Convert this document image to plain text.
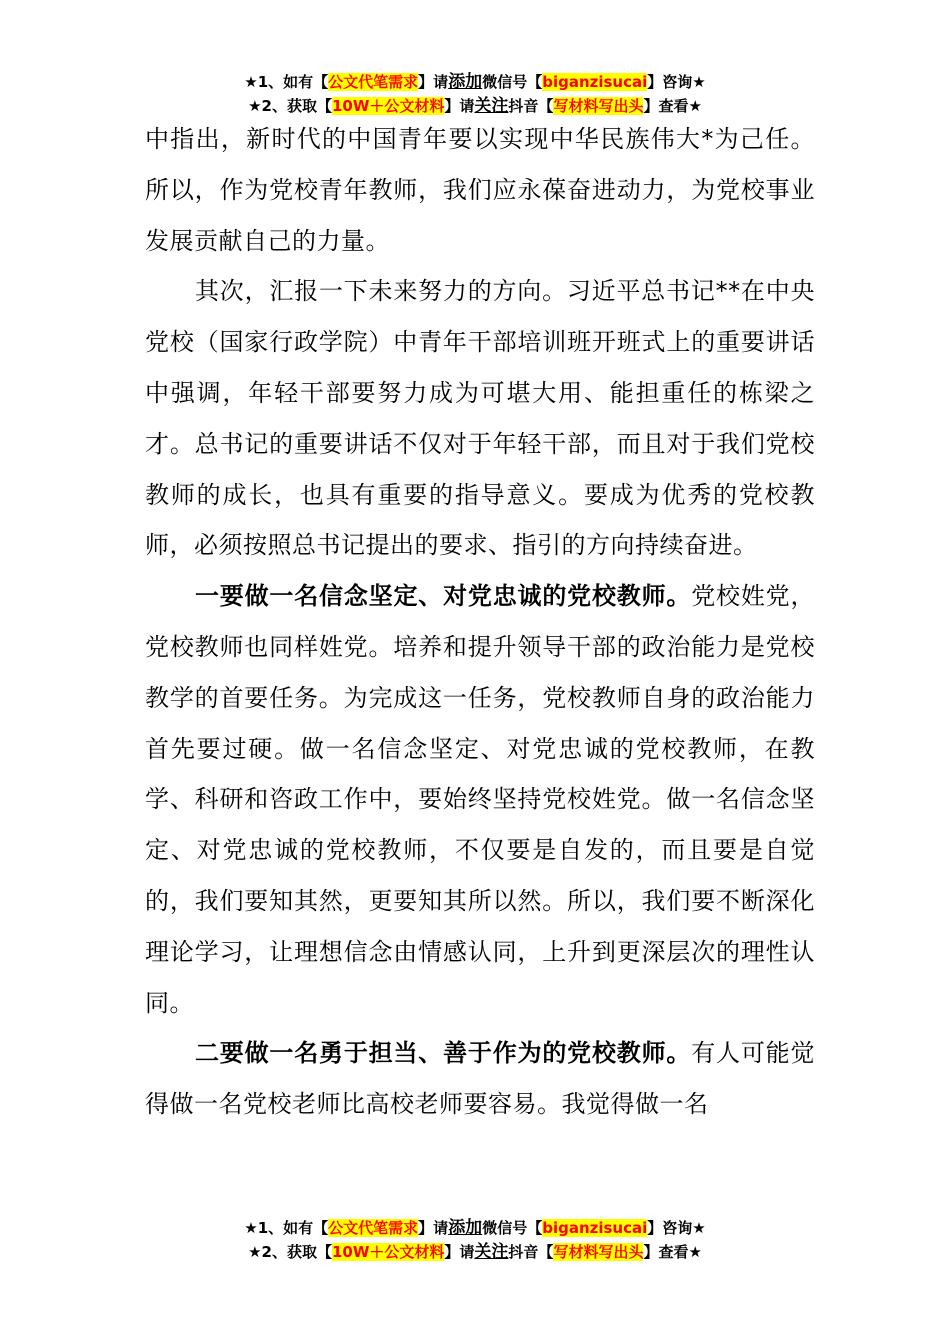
★1、如有【公文代笔需求】请添加微信号【biganzisucai】咨询★
★2、获取【10W＋公文材料】请关注抖音【写材料写出头】查看★

中指出，新时代的中国青年要以实现中华民族伟大*为己任。所以，作为党校青年教师，我们应永葆奋进动力，为党校事业发展贡献自己的力量。

其次，汇报一下未来努力的方向。习近平总书记**在中央党校（国家行政学院）中青年干部培训班开班式上的重要讲话中强调，年轻干部要努力成为可堪大用、能担重任的栋梁之才。总书记的重要讲话不仅对于年轻干部，而且对于我们党校教师的成长，也具有重要的指导意义。要成为优秀的党校教师，必须按照总书记提出的要求、指引的方向持续奋进。

一要做一名信念坚定、对党忠诚的党校教师。党校姓党，党校教师也同样姓党。培养和提升领导干部的政治能力是党校教学的首要任务。为完成这一任务，党校教师自身的政治能力首先要过硬。做一名信念坚定、对党忠诚的党校教师，在教学、科研和咨政工作中，要始终坚持党校姓党。做一名信念坚定、对党忠诚的党校教师，不仅要是自发的，而且要是自觉的，我们要知其然，更要知其所以然。所以，我们要不断深化理论学习，让理想信念由情感认同，上升到更深层次的理性认同。

二要做一名勇于担当、善于作为的党校教师。有人可能觉得做一名党校老师比高校老师要容易。我觉得做一名

★1、如有【公文代笔需求】请添加微信号【biganzisucai】咨询★
★2、获取【10W＋公文材料】请关注抖音【写材料写出头】查看★
